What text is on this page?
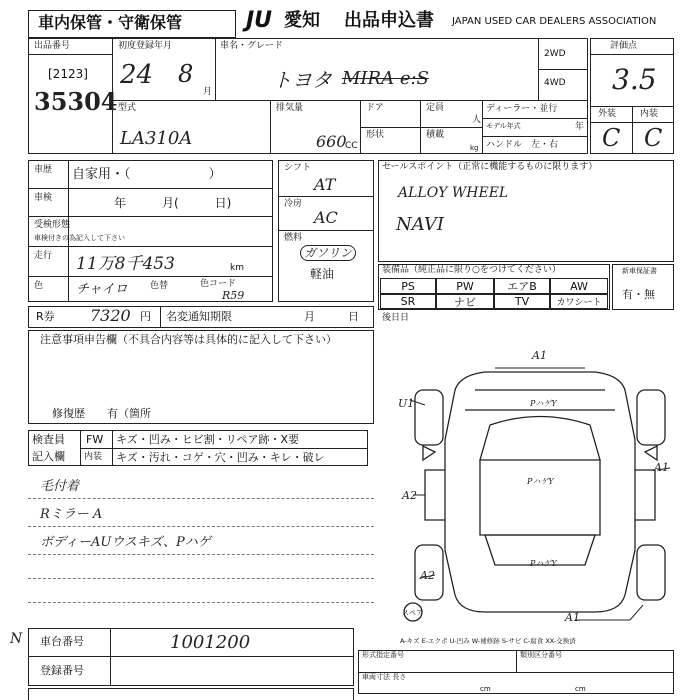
車内保管・守衛保管	JU 愛知 出品申込書 JAPAN USED CAR DEALERS ASSOCIATION
出品番号
[2123]
35304
初度登録年月
24 8
月
車名・グレード
トヨタ MIRA e:S
2WD
4WD
評価点
3.5
外装	内装
C C
型式
LA310A
排気量
660
CC
ドア	定員
人
形状	積載
kg
ディーラー・並行
モデル年式	年
ハンドル　左・右
車歴 自家用・（　　　　　　）
車検	年　　　月(　　　日)
受検形態
車検付きの為記入して下さい
走行 11万8千453	km
色	チャイロ 色替	色コード
R59
シフト
AT
冷房
AC
燃料
ガソリン
軽油
セールスポイント（正常に機能するものに限ります）
ALLOY WHEEL
NAVI
装備品（純正品に限り○をつけてください）
PS	PW	エアB	AW
SR	ナビ	TV	カワシート
新車保証書
有・無
R券 7320 円 名変通知期限	月　　　日	後日日
注意事項申告欄（不具合内容等は具体的に記入して下さい）
修復歴　　有（箇所
検査員
記入欄
FW キズ・凹み・ヒビ割・リペア跡・X要
内装 キズ・汚れ・コゲ・穴・凹み・キレ・破レ
毛付着
Rミラー A
ボディーAUウスキズ、Pハゲ
A1
U1
A1
A2
A2
A1
PハゲY
PハゲY
PハゲY
スペア
A-キズ E-エクボ U-凹み W-補修跡 S-サビ C-腐食 XX-交換済
N 車台番号	1001200
登録番号
形式指定番号	類別区分番号
車両寸法 長さ
cm	cm
